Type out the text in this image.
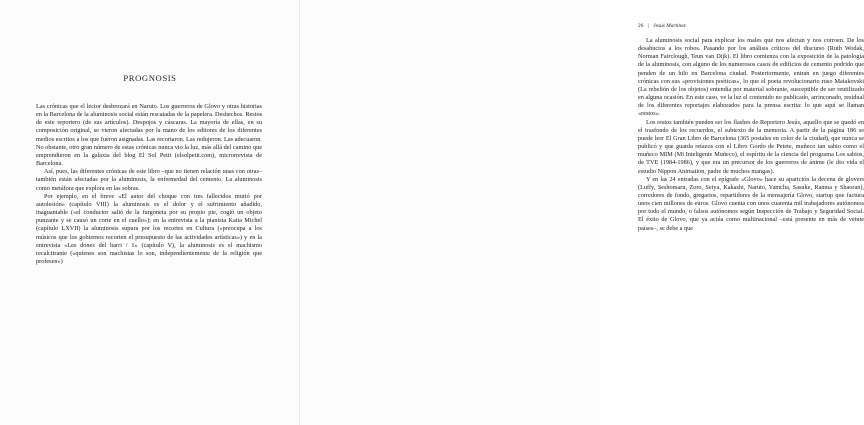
PROGNOSIS

Las crónicas que el lector desbrozará en Naruto. Los guerreros de Glovo y otras historias en la Barcelona de la aluminosis social están rescatadas de la papelera. Deshechos. Restos de este reportero (de sus artículos). Despojos y cáscaras. La mayoría de ellas, en su composición original, se vieron afectadas por la mano de los editores de los diferentes medios escritos a los que fueron asignadas. Las recortaron. Las redujeron. Las adecuaron. No obstante, otro gran número de estas crónicas nunca vio la luz, más allá del camino que emprendieron en la galaxia del blog El Sol Petit (elsolpetit.com), microrrevista de Barcelona.

Así, pues, las diferentes crónicas de este libro –que no tienen relación unas con otras– también están afectadas por la aluminosis, la enfermedad del cemento. La aluminosis como metáfora que explora en las sobras.

Por ejemplo, en el breve «El autor del choque con tres fallecidos murió por autolesión» (capítulo VIII) la aluminosis es el dolor y el sufrimiento añadido, inaguantable («el conductor salió de la furgoneta por su propio pie, cogió un objeto punzante y se causó un corte en el cuello»); en la entrevista a la pianista Katia Michel (capítulo LXVII) la aluminosis supura por los recortes en Cultura («preocupa a los músicos que los gobiernos recorten el presupuesto de las actividades artísticas») y en la entrevista «Les dones del barri / 1» (capítulo V), la aluminosis es el machismo recalcitrante («quienes son machistas lo son, independientemente de la religión que profesen»)

26 | Jesús Martínez

La aluminosis social para explicar los males que nos afectan y nos corroen. De los desahucios a los robos. Pasando por los análisis críticos del discurso (Ruth Wodak, Norman Fairclough, Teun van Dijk). El libro comienza con la exposición de la patología de la aluminosis, con alguno de los numerosos casos de edificios de cemento podrido que penden de un hilo en Barcelona ciudad. Posteriormente, entran en juego diferentes crónicas con sus «provisiones poéticas», lo que el poeta revolucionario ruso Maiakovski (La rebelión de los objetos) entendía por material sobrante, susceptible de ser reutilizado en alguna ocasión. En este caso, ve la luz el contenido no publicado, arrinconado, residual de los diferentes reportajes elaborados para la prensa escrita: lo que aquí se llaman «restos».

Los restos también pueden ser los flashes de Reportero Jesús, aquello que se quedó en el trasfondo de los recuerdos, el subtexto de la memoria. A partir de la página 186 se puede leer El Gran Libro de Barcelona (365 postales en color de la ciudad), que nunca se publicó y que guarda retazos con el Libro Gordo de Petete, muñeco tan sabio como el muñeco MIM (Mi Inteligente Muñeco), el espíritu de la ciencia del programa Los sabios, de TVE (1984-1986), y que era un precursor de los guerreros de ánime (le dio vida el estudio Nippon Animation, padre de muchos mangas).

Y en las 24 entradas con el epígrafe «Glovo» hace su aparición la decena de glovers (Luffy, Seshomaru, Zoro, Seiya, Kakashi, Naruto, Yamcha, Sasuke, Ranma y Shaoran), corredores de fondo, gregarios, repartidores de la mensajería Glovo, startup que factura unos cien millones de euros. Glovo cuenta con unos cuarenta mil trabajadores autónomos por todo el mundo, o falsos autónomos según Inspección de Trabajo y Seguridad Social. El éxito de Glovo, que ya actúa como multinacional –está presente en más de veinte países–, se debe a que
